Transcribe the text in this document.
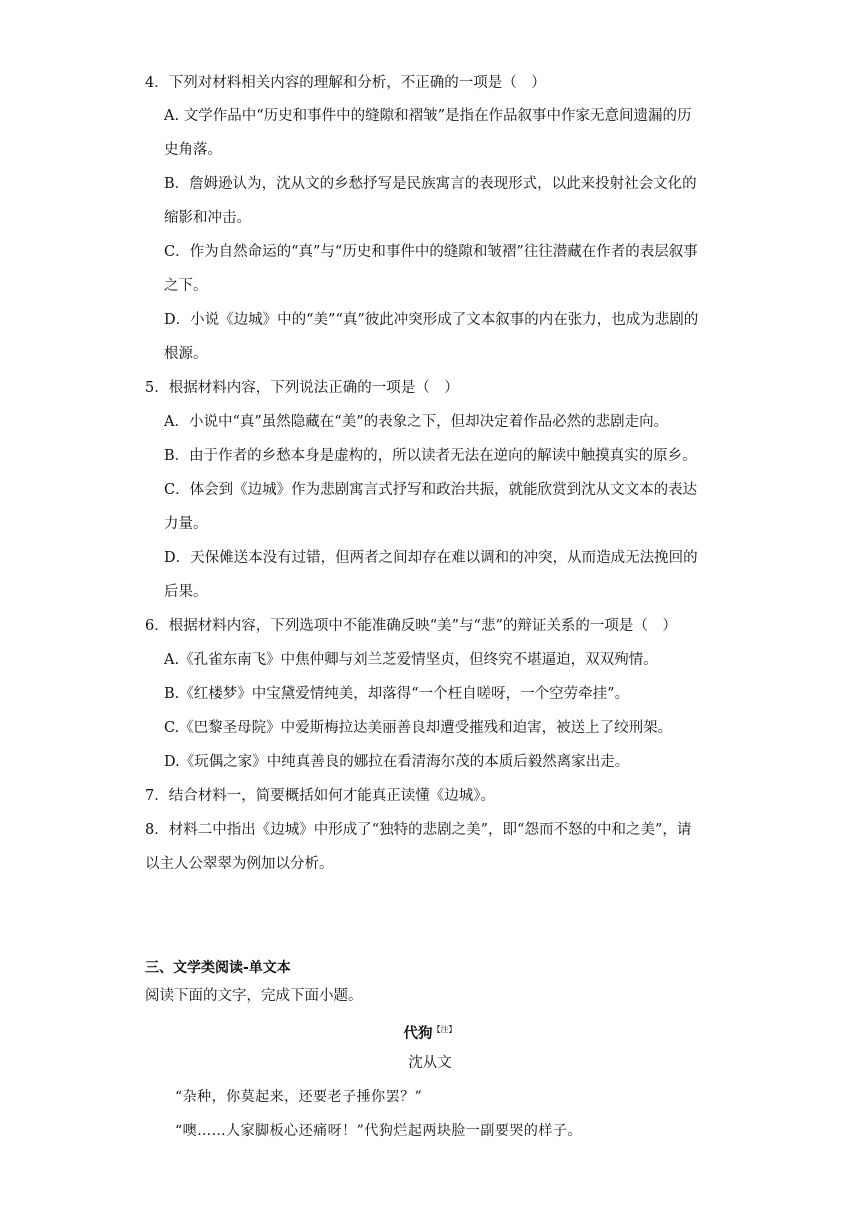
4．下列对材料相关内容的理解和分析，不正确的一项是（　）
A. 文学作品中“历史和事件中的缝隙和褶皱”是指在作品叙事中作家无意间遗漏的历
史角落。
B．詹姆逊认为，沈从文的乡愁抒写是民族寓言的表现形式，以此来投射社会文化的
缩影和冲击。
C．作为自然命运的“真”与“历史和事件中的缝隙和皱褶”往往潜藏在作者的表层叙事
之下。
D．小说《边城》中的“美”“真”彼此冲突形成了文本叙事的内在张力，也成为悲剧的
根源。
5．根据材料内容，下列说法正确的一项是（　）
A．小说中“真”虽然隐藏在“美”的表象之下，但却决定着作品必然的悲剧走向。
B．由于作者的乡愁本身是虚构的，所以读者无法在逆向的解读中触摸真实的原乡。
C．体会到《边城》作为悲剧寓言式抒写和政治共振，就能欣赏到沈从文文本的表达
力量。
D．天保傩送本没有过错，但两者之间却存在难以调和的冲突，从而造成无法挽回的
后果。
6．根据材料内容，下列选项中不能准确反映“美”与“悲”的辩证关系的一项是（　）
A.《孔雀东南飞》中焦仲卿与刘兰芝爱情坚贞，但终究不堪逼迫，双双殉情。
B.《红楼梦》中宝黛爱情纯美，却落得“一个枉自嗟呀，一个空劳牵挂”。
C.《巴黎圣母院》中爱斯梅拉达美丽善良却遭受摧残和迫害，被送上了绞刑架。
D.《玩偶之家》中纯真善良的娜拉在看清海尔茂的本质后毅然离家出走。
7．结合材料一，简要概括如何才能真正读懂《边城》。
8．材料二中指出《边城》中形成了“独特的悲剧之美”，即“怨而不怒的中和之美”，请
以主人公翠翠为例加以分析。
三、文学类阅读-单文本
阅读下面的文字，完成下面小题。
代狗$^{【注】}$
沈从文
“杂种，你莫起来，还要老子捶你罢？”
“噢……人家脚板心还痛呀！”代狗烂起两块脸一副要哭的样子。
